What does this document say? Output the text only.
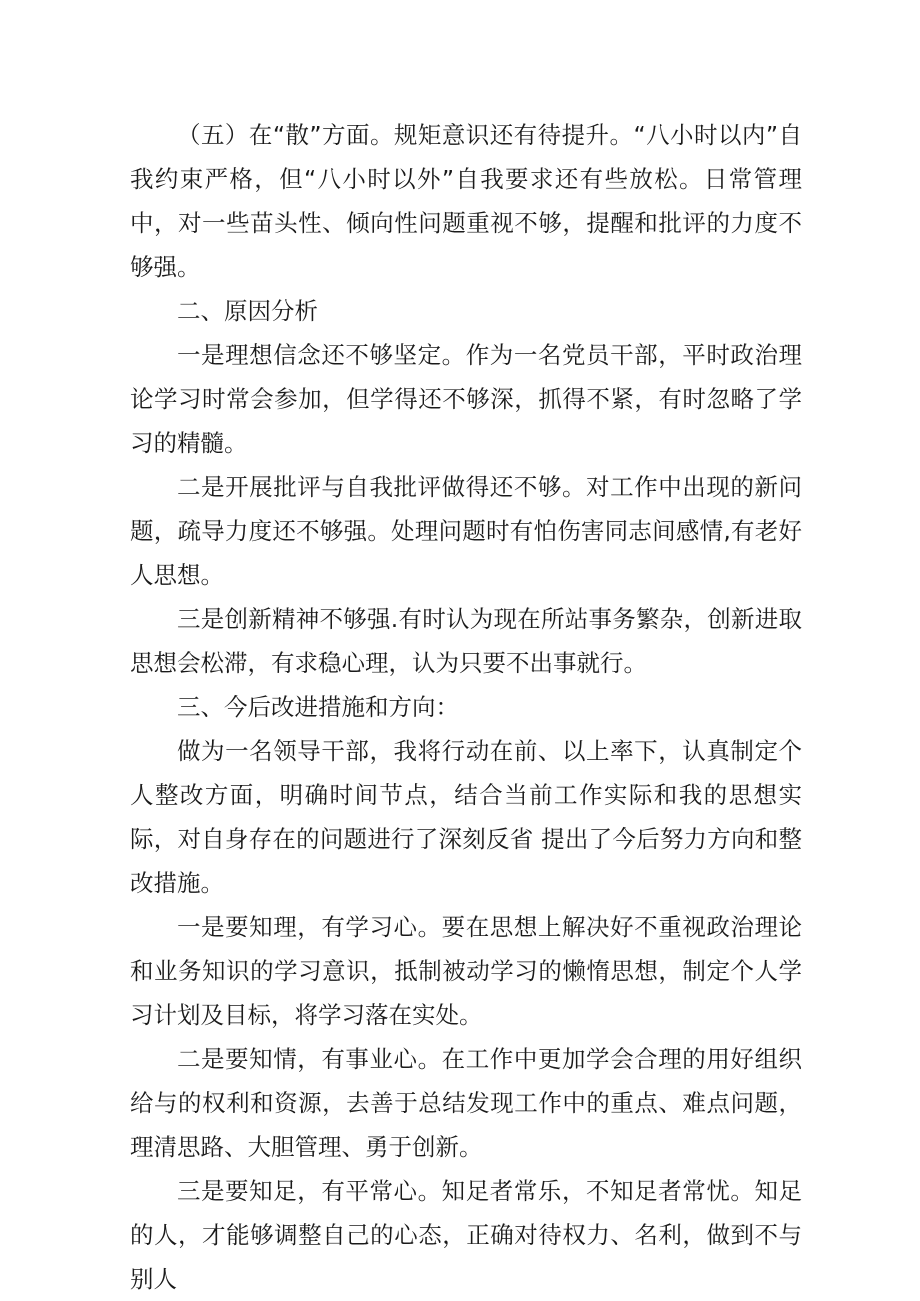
（五）在“散”方面。规矩意识还有待提升。“八小时以内”自我约束严格，但“八小时以外”自我要求还有些放松。日常管理中，对一些苗头性、倾向性问题重视不够，提醒和批评的力度不够强。

二、原因分析

一是理想信念还不够坚定。作为一名党员干部，平时政治理论学习时常会参加，但学得还不够深，抓得不紧，有时忽略了学习的精髓。

二是开展批评与自我批评做得还不够。对工作中出现的新问题，疏导力度还不够强。处理问题时有怕伤害同志间感情,有老好人思想。

三是创新精神不够强.有时认为现在所站事务繁杂，创新进取思想会松滞，有求稳心理，认为只要不出事就行。

三、今后改进措施和方向：

做为一名领导干部，我将行动在前、以上率下，认真制定个人整改方面，明确时间节点，结合当前工作实际和我的思想实际，对自身存在的问题进行了深刻反省 提出了今后努力方向和整改措施。

一是要知理，有学习心。要在思想上解决好不重视政治理论和业务知识的学习意识，抵制被动学习的懒惰思想，制定个人学习计划及目标，将学习落在实处。

二是要知情，有事业心。在工作中更加学会合理的用好组织给与的权利和资源，去善于总结发现工作中的重点、难点问题，理清思路、大胆管理、勇于创新。

三是要知足，有平常心。知足者常乐，不知足者常忧。知足的人，才能够调整自己的心态，正确对待权力、名利，做到不与别人
